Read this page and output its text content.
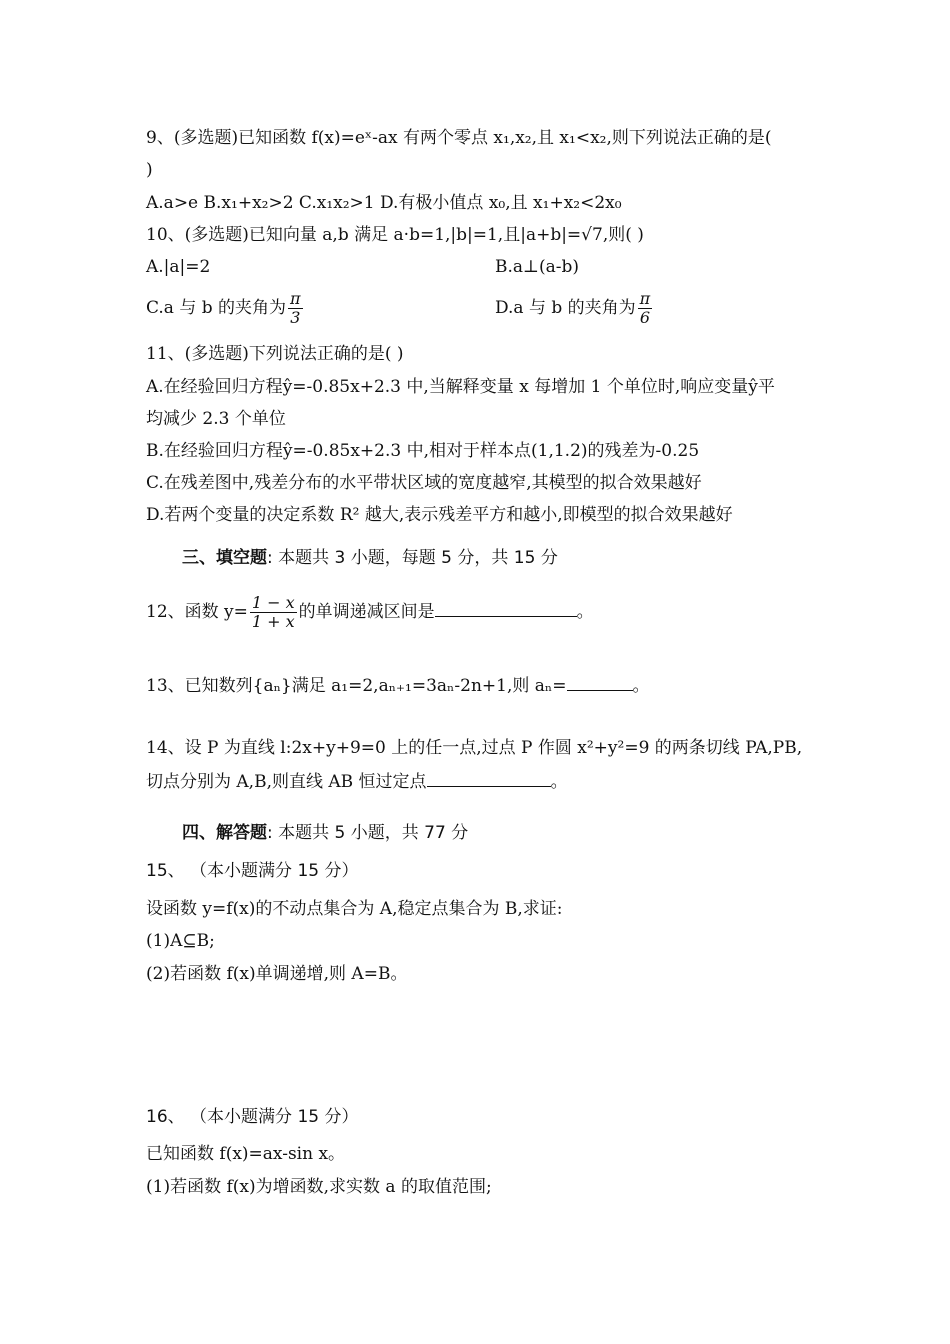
9、(多选题)已知函数 f(x)=eˣ-ax 有两个零点 x₁,x₂,且 x₁<x₂,则下列说法正确的是(
)
A.a>e B.x₁+x₂>2 C.x₁x₂>1 D.有极小值点 x₀,且 x₁+x₂<2x₀
10、(多选题)已知向量 a,b 满足 a·b=1,|b|=1,且|a+b|=√7,则( )
A.|a|=2	B.a⊥(a-b)
C.a 与 b 的夹角为 $\frac{\pi}{3}$	D.a 与 b 的夹角为 $\frac{\pi}{6}$
11、(多选题)下列说法正确的是( )
A.在经验回归方程ŷ=-0.85x+2.3 中,当解释变量 x 每增加 1 个单位时,响应变量ŷ平
均减少 2.3 个单位
B.在经验回归方程ŷ=-0.85x+2.3 中,相对于样本点(1,1.2)的残差为-0.25
C.在残差图中,残差分布的水平带状区域的宽度越窄,其模型的拟合效果越好
D.若两个变量的决定系数 R² 越大,表示残差平方和越小,即模型的拟合效果越好
三、填空题: 本题共 3 小题，每题 5 分，共 15 分
12、函数 $y= \frac{1 - x}{1 + x}$ 的单调递减区间是	。
13、已知数列{aₙ}满足 a₁=2,aₙ₊₁=3aₙ-2n+1,则 aₙ=	。
14、设 P 为直线 l:2x+y+9=0 上的任一点,过点 P 作圆 x²+y²=9 的两条切线 PA,PB,
切点分别为 A,B,则直线 AB 恒过定点	。
四、解答题: 本题共 5 小题，共 77 分
15、 （本小题满分 15 分）
设函数 y=f(x)的不动点集合为 A,稳定点集合为 B,求证:
(1)A⊆B;
(2)若函数 f(x)单调递增,则 A=B。
16、 （本小题满分 15 分）
已知函数 f(x)=ax-sin x。
(1)若函数 f(x)为增函数,求实数 a 的取值范围;
